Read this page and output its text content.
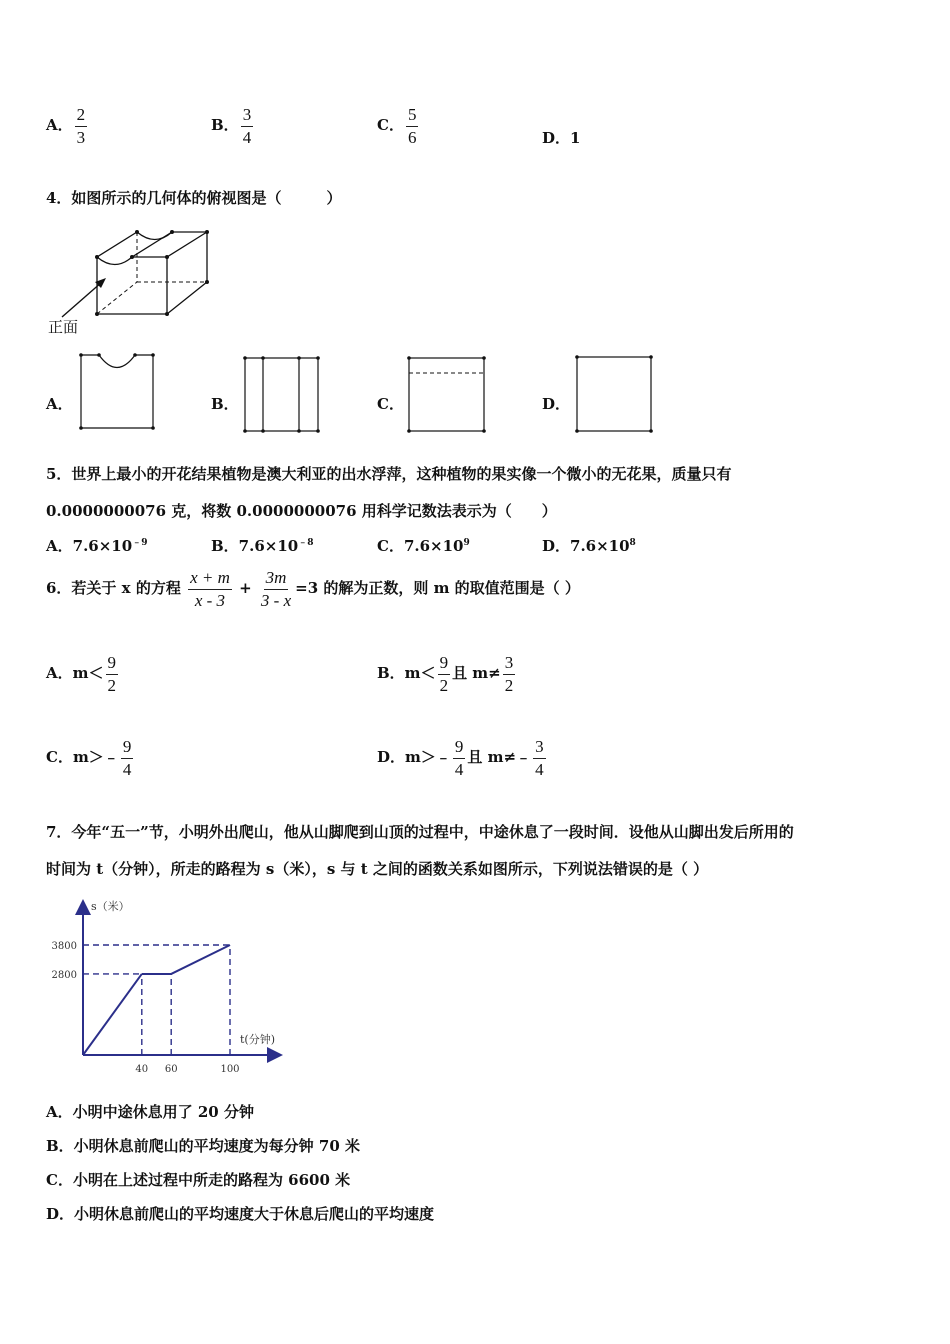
A． $\frac{2}{3}$	B． $\frac{3}{4}$	C． $\frac{5}{6}$	D．1
4．如图所示的几何体的俯视图是（　　　）
正面
A．	B．	C．	D．
5．世界上最小的开花结果植物是澳大利亚的出水浮萍，这种植物的果实像一个微小的无花果，质量只有
0.0000000076 克，将数 0.0000000076 用科学记数法表示为（　　）
A．$7.6\times 10^{﹣9}$	B．$7.6\times 10^{﹣8}$	C．$7.6\times 10^9$	D．$7.6\times 10^8$
6．若关于 x 的方程 $\frac{x + m}{x - 3} + \frac{3m}{3 - x} =3$ 的解为正数，则 m 的取值范围是（ ）
A．$m< \frac{9}{2}$	B．$m< \frac{9}{2}$ 且 $m\ne \frac{3}{2}$
C．m＞﹣ $\frac{9}{4}$	D．m＞﹣ $\frac{9}{4}$ 且 m≠﹣ $\frac{3}{4}$
7．今年“五一”节，小明外出爬山，他从山脚爬到山顶的过程中，中途休息了一段时间．设他从山脚出发后所用的
时间为 t（分钟），所走的路程为 s（米），s 与 t 之间的函数关系如图所示，下列说法错误的是（ ）
s（米）
t(分钟)
3800
2800
40 60	100
A．小明中途休息用了 20 分钟
B．小明休息前爬山的平均速度为每分钟 70 米
C．小明在上述过程中所走的路程为 6600 米
D．小明休息前爬山的平均速度大于休息后爬山的平均速度
